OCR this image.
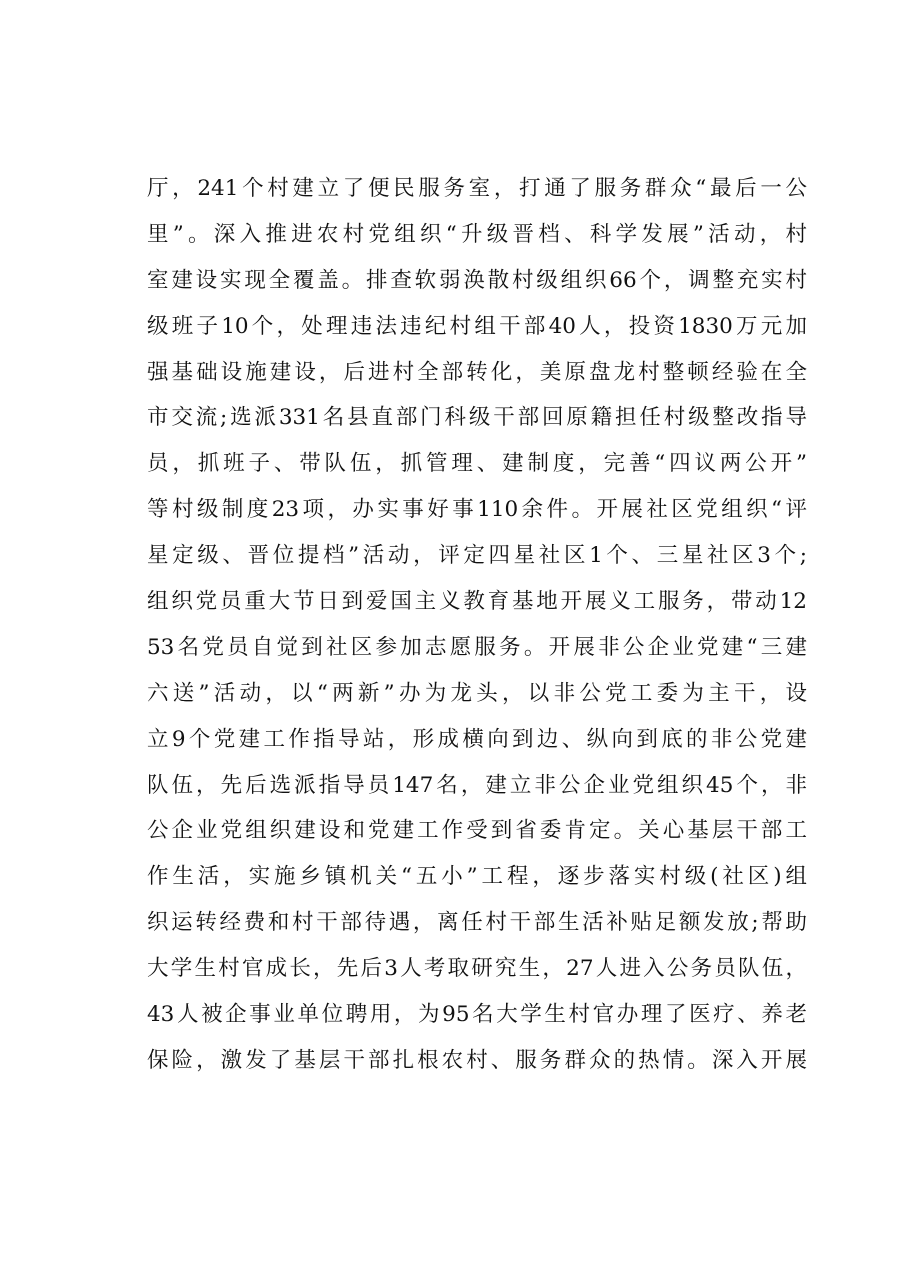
厅，241个村建立了便民服务室，打通了服务群众“最后一公
里”。深入推进农村党组织“升级晋档、科学发展”活动，村
室建设实现全覆盖。排查软弱涣散村级组织66个，调整充实村
级班子10个，处理违法违纪村组干部40人，投资1830万元加
强基础设施建设，后进村全部转化，美原盘龙村整顿经验在全
市交流;选派331名县直部门科级干部回原籍担任村级整改指导
员，抓班子、带队伍，抓管理、建制度，完善“四议两公开”
等村级制度23项，办实事好事110余件。开展社区党组织“评
星定级、晋位提档”活动，评定四星社区1个、三星社区3个;
组织党员重大节日到爱国主义教育基地开展义工服务，带动12
53名党员自觉到社区参加志愿服务。开展非公企业党建“三建
六送”活动，以“两新”办为龙头，以非公党工委为主干，设
立9个党建工作指导站，形成横向到边、纵向到底的非公党建
队伍，先后选派指导员147名，建立非公企业党组织45个，非
公企业党组织建设和党建工作受到省委肯定。关心基层干部工
作生活，实施乡镇机关“五小”工程，逐步落实村级(社区)组
织运转经费和村干部待遇，离任村干部生活补贴足额发放;帮助
大学生村官成长，先后3人考取研究生，27人进入公务员队伍，
43人被企事业单位聘用，为95名大学生村官办理了医疗、养老
保险，激发了基层干部扎根农村、服务群众的热情。深入开展
